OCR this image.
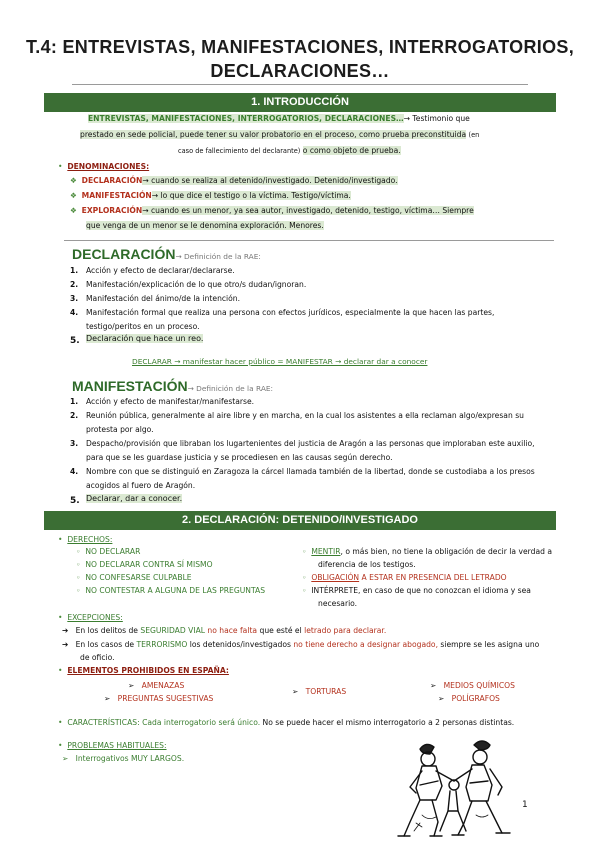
T.4: ENTREVISTAS, MANIFESTACIONES, INTERROGATORIOS, DECLARACIONES…
1. INTRODUCCIÓN
ENTREVISTAS, MANIFESTACIONES, INTERROGATORIOS, DECLARACIONES…→ Testimonio que
prestado en sede policial, puede tener su valor probatorio en el proceso, como prueba preconstituida (en
caso de fallecimiento del declarante) o como objeto de prueba.
• DENOMINACIONES:
❖ DECLARACIÓN→ cuando se realiza al detenido/investigado. Detenido/investigado.
❖ MANIFESTACIÓN→ lo que dice el testigo o la víctima. Testigo/víctima.
❖ EXPLORACIÓN→ cuando es un menor, ya sea autor, investigado, detenido, testigo, víctima… Siempre
que venga de un menor se le denomina exploración. Menores.
DECLARACIÓN→ Definición de la RAE:
1. Acción y efecto de declarar/declararse.
2. Manifestación/explicación de lo que otro/s dudan/ignoran.
3. Manifestación del ánimo/de la intención.
4. Manifestación formal que realiza una persona con efectos jurídicos, especialmente la que hacen las partes,
testigo/peritos en un proceso.
5. Declaración que hace un reo.
DECLARAR → manifestar hacer público = MANIFESTAR → declarar dar a conocer
MANIFESTACIÓN→ Definición de la RAE:
1. Acción y efecto de manifestar/manifestarse.
2. Reunión pública, generalmente al aire libre y en marcha, en la cual los asistentes a ella reclaman algo/expresan su
protesta por algo.
3. Despacho/provisión que libraban los lugartenientes del justicia de Aragón a las personas que imploraban este auxilio,
para que se les guardase justicia y se procediesen en las causas según derecho.
4. Nombre con que se distinguió en Zaragoza la cárcel llamada también de la libertad, donde se custodiaba a los presos
acogidos al fuero de Aragón.
5. Declarar, dar a conocer.
2. DECLARACIÓN: DETENIDO/INVESTIGADO
• DERECHOS:
◦ NO DECLARAR
◦ NO DECLARAR CONTRA SÍ MISMO
◦ NO CONFESARSE CULPABLE
◦ NO CONTESTAR A ALGUNA DE LAS PREGUNTAS
◦ MENTIR, o más bien, no tiene la obligación de decir la verdad a
diferencia de los testigos.
◦ OBLIGACIÓN A ESTAR EN PRESENCIA DEL LETRADO
◦ INTÉRPRETE, en caso de que no conozcan el idioma y sea
necesario.
• EXCEPCIONES:
➔ En los delitos de SEGURIDAD VIAL no hace falta que esté el letrado para declarar.
➔ En los casos de TERRORISMO los detenidos/investigados no tiene derecho a designar abogado, siempre se les asigna uno
de oficio.
• ELEMENTOS PROHIBIDOS EN ESPAÑA:
➢ AMENAZAS
➢ PREGUNTAS SUGESTIVAS
➢ TORTURAS
➢ MEDIOS QUÍMICOS
➢ POLÍGRAFOS
• CARACTERÍSTICAS: Cada interrogatorio será único. No se puede hacer el mismo interrogatorio a 2 personas distintas.
• PROBLEMAS HABITUALES:
➢ Interrogativos MUY LARGOS.
1
